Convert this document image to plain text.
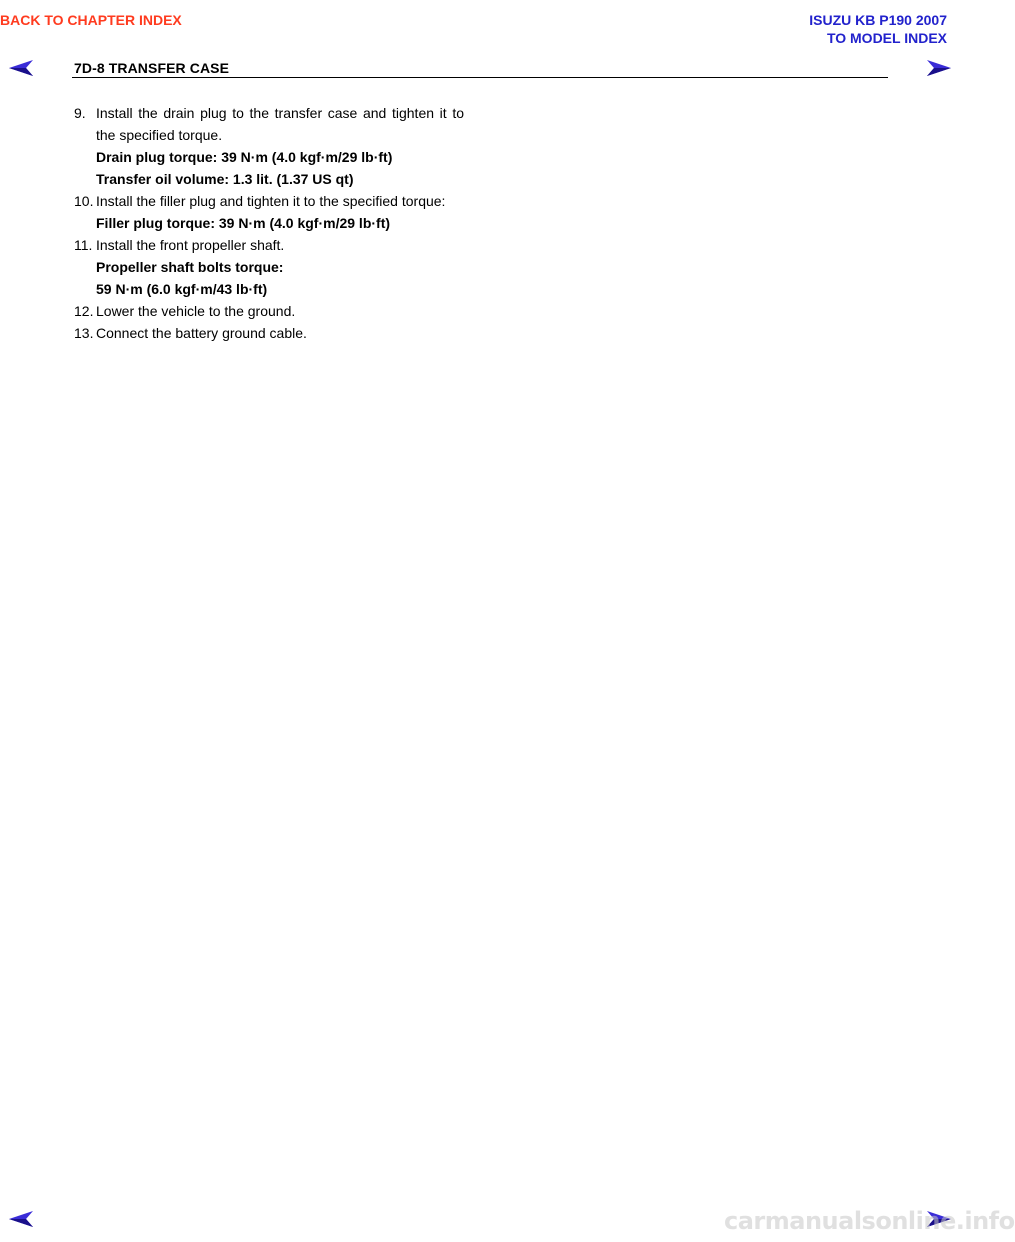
BACK TO CHAPTER INDEX	ISUZU KB P190 2007
TO MODEL INDEX
7D-8 TRANSFER CASE
9. Install the drain plug to the transfer case and tighten it to the specified torque.
Drain plug torque: 39 N·m (4.0 kgf·m/29 lb·ft)
Transfer oil volume: 1.3 lit. (1.37 US qt)
10. Install the filler plug and tighten it to the specified torque:
Filler plug torque: 39 N·m (4.0 kgf·m/29 lb·ft)
11. Install the front propeller shaft.
Propeller shaft bolts torque:
59 N·m (6.0 kgf·m/43 lb·ft)
12. Lower the vehicle to the ground.
13. Connect the battery ground cable.
carmanualsonline.info
